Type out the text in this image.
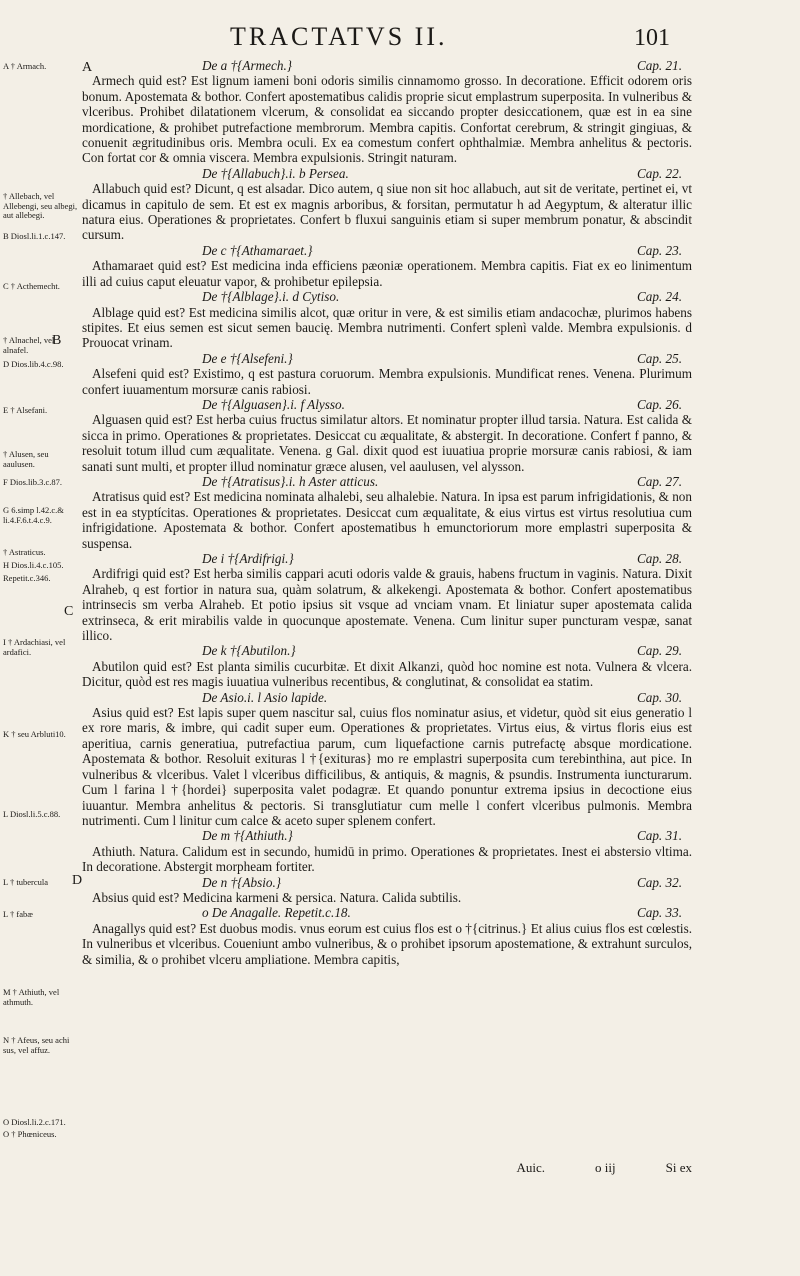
TRACTATVS II.	101
A
B
C
D
A † Armach.
† Allebach, vel Allebengi, seu albegi, aut allebegi.
B Diosl.li.1.c.147.
C † Acthemecht.
† Alnachel, vel alnafel.
D Dios.lib.4.c.98.
E † Alsefani.
† Alusen, seu aaulusen.
F Dios.lib.3.c.87.
G 6.simp l.42.c.& li.4.F.6.t.4.c.9.
† Astraticus.
H Dios.li.4.c.105.
Repetit.c.346.
I † Ardachiasi, vel ardafici.
K † seu Arbluti10.
L Diosl.li.5.c.88.
L † tubercula
L † fabæ
M † Athiuth, vel athmuth.
N † Afeus, seu achi sus, vel affuz.
O Diosl.li.2.c.171.
O † Phœniceus.
De a †{Armech.}	Cap. 21.
Armech quid est? Est lignum iameni boni odoris similis cinnamomo grosso. In decoratione. Efficit odorem oris bonum. Apostemata & bothor. Confert apostematibus calidis proprie sicut emplastrum superposita. In vulneribus & vlceribus. Prohibet dilatationem vlcerum, & consolidat ea siccando propter desiccationem, quæ est in ea sine mordicatione, & prohibet putrefactione membrorum. Membra capitis. Confortat cerebrum, & stringit gingiuas, & conuenit ægritudinibus oris. Membra oculi. Ex ea comestum confert ophthalmiæ. Membra anhelitus & pectoris. Con fortat cor & omnia viscera. Membra expulsionis. Stringit naturam.
De †{Allabuch}.i. b Persea.	Cap. 22.
Allabuch quid est? Dicunt, q est alsadar. Dico autem, q siue non sit hoc allabuch, aut sit de veritate, pertinet ei, vt dicamus in capitulo de sem. Et est ex magnis arboribus, & forsitan, permutatur h ad Aegyptum, & alteratur illic natura eius. Operationes & proprietates. Confert b fluxui sanguinis etiam si super membrum ponatur, & abscindit cursum.
De c †{Athamaraet.}	Cap. 23.
Athamaraet quid est? Est medicina inda efficiens pæoniæ operationem. Membra capitis. Fiat ex eo linimentum illi ad cuius caput eleuatur vapor, & prohibetur epilepsia.
De †{Alblage}.i. d Cytiso.	Cap. 24.
Alblage quid est? Est medicina similis alcot, quæ oritur in vere, & est similis etiam andacochæ, plurimos habens stipites. Et eius semen est sicut semen baucię. Membra nutrimenti. Confert splenì valde. Membra expulsionis. d Prouocat vrinam.
De e †{Alsefeni.}	Cap. 25.
Alsefeni quid est? Existimo, q est pastura coruorum. Membra expulsionis. Mundificat renes. Venena. Plurimum confert iuuamentum morsuræ canis rabiosi.
De †{Alguasen}.i. f Alysso.	Cap. 26.
Alguasen quid est? Est herba cuius fructus similatur altors. Et nominatur propter illud tarsia. Natura. Est calida & sicca in primo. Operationes & proprietates. Desiccat cu æqualitate, & abstergit. In decoratione. Confert f panno, & resoluit totum illud cum æqualitate. Venena. g Gal. dixit quod est iuuatiua proprie morsuræ canis rabiosi, & iam sanati sunt multi, et propter illud nominatur græce alusen, vel aaulusen, vel alysson.
De †{Atratisus}.i. h Aster atticus.	Cap. 27.
Atratisus quid est? Est medicina nominata alhalebi, seu alhalebie. Natura. In ipsa est parum infrigidationis, & non est in ea styptícitas. Operationes & proprietates. Desiccat cum æqualitate, & eius virtus est virtus resolutiua cum infrigidatione. Apostemata & bothor. Confert apostematibus h emunctoriorum more emplastri superposita & suspensa.
De i †{Ardifrigi.}	Cap. 28.
Ardifrigi quid est? Est herba similis cappari acuti odoris valde & grauis, habens fructum in vaginis. Natura. Dixit Alraheb, q est fortior in natura sua, quàm solatrum, & alkekengi. Apostemata & bothor. Confert apostematibus intrinsecis sm verba Alraheb. Et potio ipsius sit vsque ad vnciam vnam. Et liniatur super apostemata calida extrinseca, & erit mirabilis valde in quocunque apostemate. Venena. Cum linitur super puncturam vespæ, sanat illico.
De k †{Abutilon.}	Cap. 29.
Abutilon quid est? Est planta similis cucurbitæ. Et dixit Alkanzi, quòd hoc nomine est nota. Vulnera & vlcera. Dicitur, quòd est res magis iuuatiua vulneribus recentibus, & conglutinat, & consolidat ea statim.
De Asio.i. l Asio lapide.	Cap. 30.
Asius quid est? Est lapis super quem nascitur sal, cuius flos nominatur asius, et videtur, quòd sit eius generatio l ex rore maris, & imbre, qui cadit super eum. Operationes & proprietates. Virtus eius, & virtus floris eius est aperitiua, carnis generatiua, putrefactiua parum, cum liquefactione carnis putrefactę absque mordicatione. Apostemata & bothor. Resoluit exituras l †{exituras} mo re emplastri superposita cum terebinthina, aut pice. In vulneribus & vlceribus. Valet l vlceribus difficilibus, & antiquis, & magnis, & psundis. Instrumenta iuncturarum. Cum l farina l †{hordei} superposita valet podagræ. Et quando ponuntur extrema ipsius in decoctione eius iuuantur. Membra anhelitus & pectoris. Si transglutiatur cum melle l confert vlceribus pulmonis. Membra nutrimenti. Cum l linitur cum calce & aceto super splenem confert.
De m †{Athiuth.}	Cap. 31.
Athiuth. Natura. Calidum est in secundo, humidū in primo. Operationes & proprietates. Inest ei abstersio vltima. In decoratione. Abstergit morpheam fortiter.
De n †{Absio.}	Cap. 32.
Absius quid est? Medicina karmeni & persica. Natura. Calida subtilis.
o De Anagalle. Repetit.c.18.	Cap. 33.
Anagallys quid est? Est duobus modis. vnus eorum est cuius flos est o †{citrinus.} Et alius cuius flos est cœlestis. In vulneribus et vlceribus. Coueniunt ambo vulneribus, & o prohibet ipsorum apostematione, & extrahunt surculos, & similia, & o prohibet vlceru ampliatione. Membra capitis,
Auic.	o iij	Si ex
